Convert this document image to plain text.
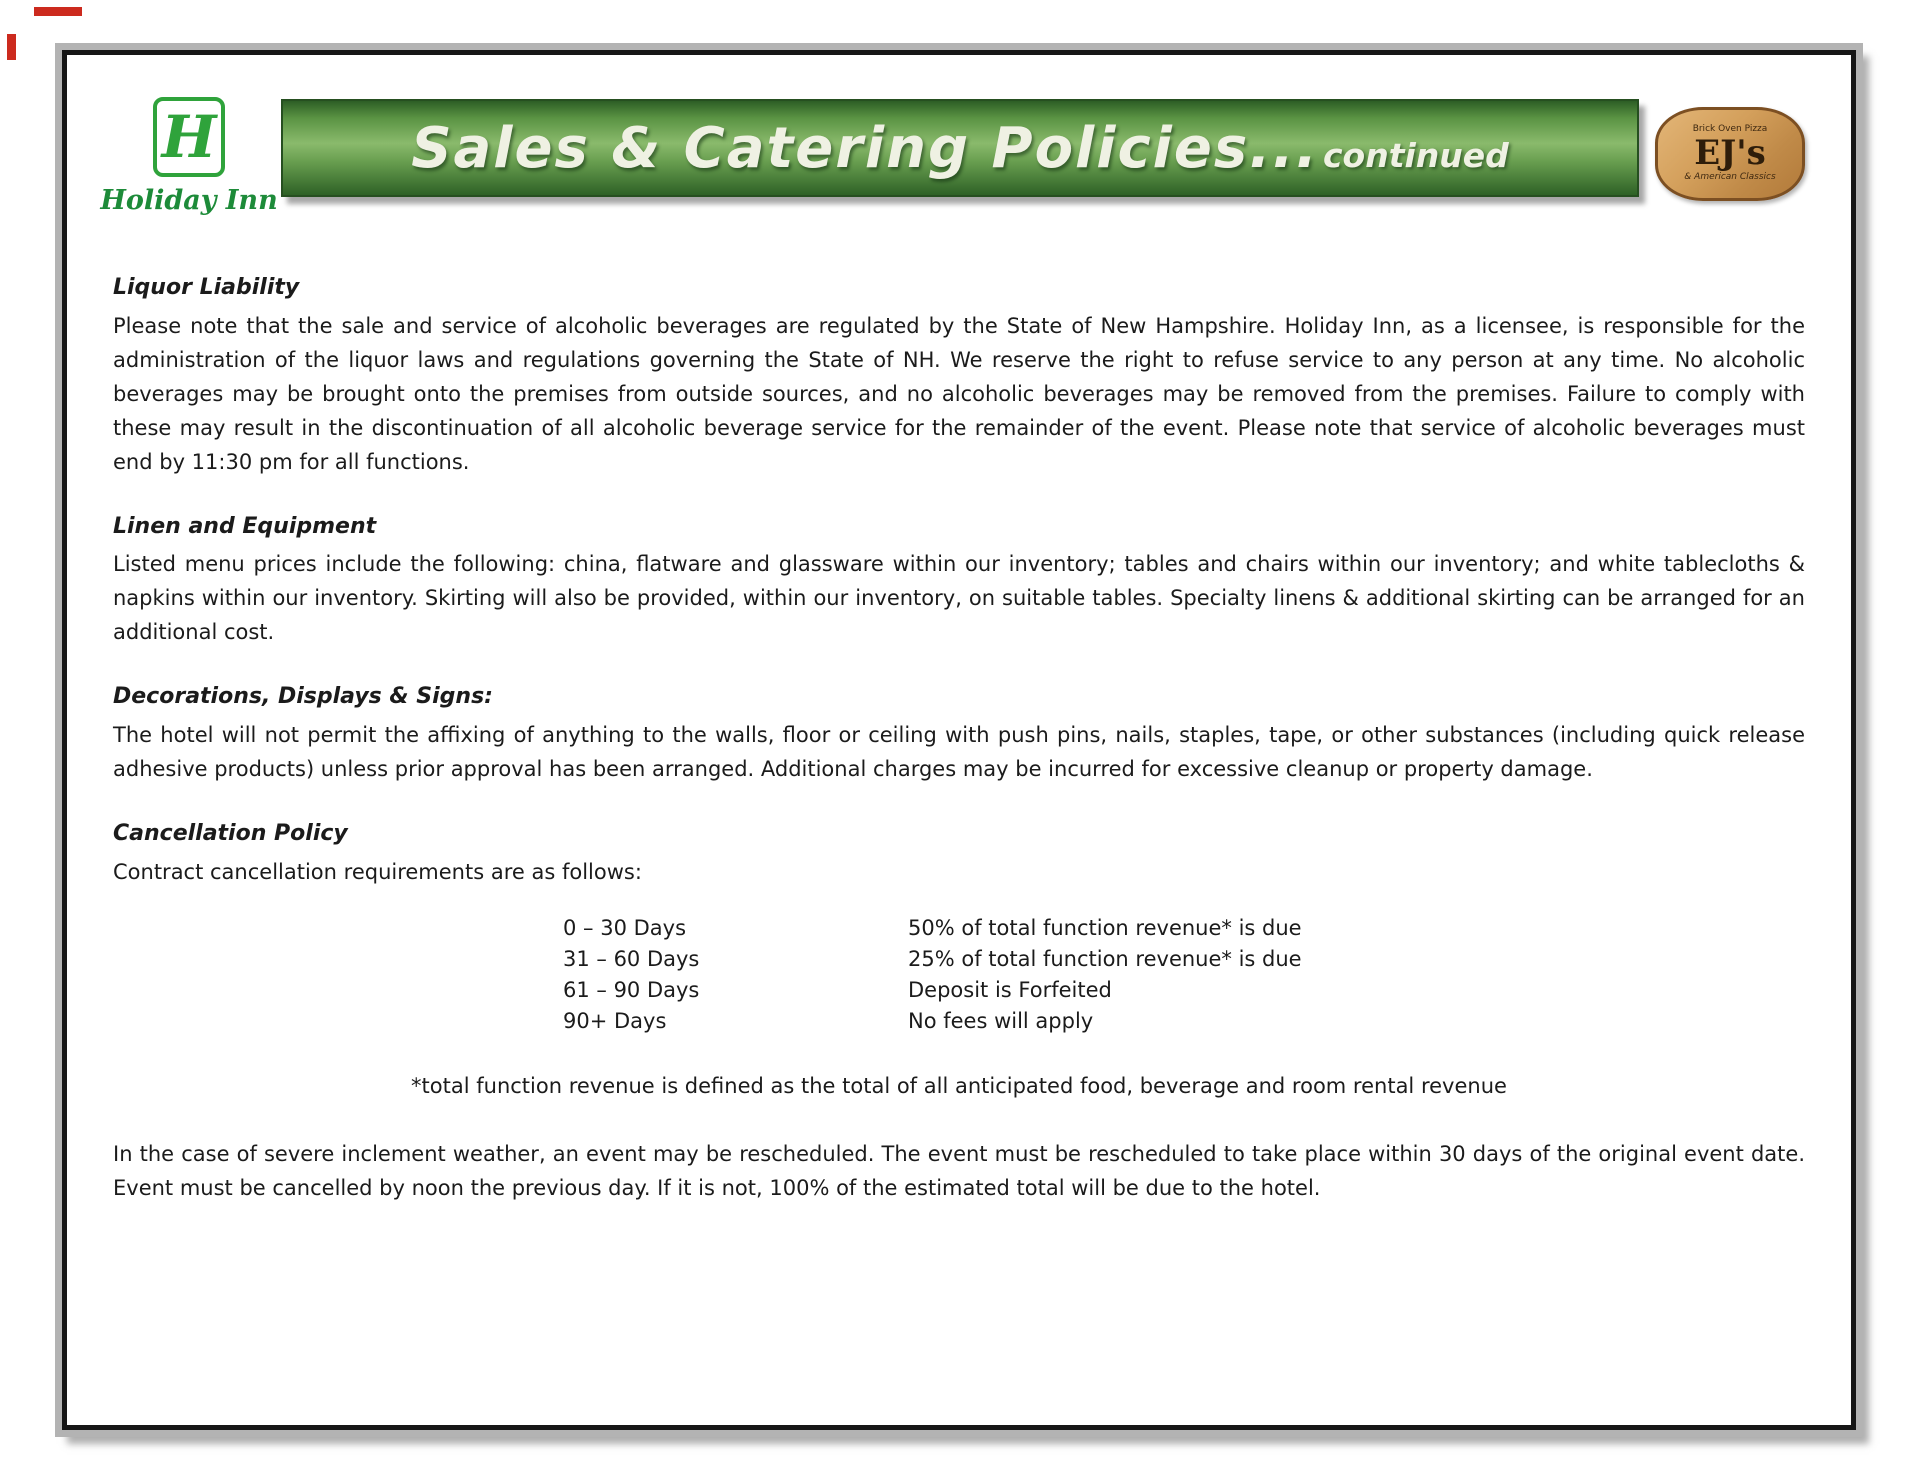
H
Holiday Inn
Sales & Catering Policies... continued
Brick Oven Pizza
EJ's
& American Classics
Liquor Liability

Please note that the sale and service of alcoholic beverages are regulated by the State of New Hampshire. Holiday Inn, as a licensee, is responsible for the administration of the liquor laws and regulations governing the State of NH. We reserve the right to refuse service to any person at any time. No alcoholic beverages may be brought onto the premises from outside sources, and no alcoholic beverages may be removed from the premises. Failure to comply with these may result in the discontinuation of all alcoholic beverage service for the remainder of the event. Please note that service of alcoholic beverages must end by 11:30 pm for all functions.

Linen and Equipment

Listed menu prices include the following: china, flatware and glassware within our inventory; tables and chairs within our inventory; and white tablecloths & napkins within our inventory. Skirting will also be provided, within our inventory, on suitable tables. Specialty linens & additional skirting can be arranged for an additional cost.

Decorations, Displays & Signs:

The hotel will not permit the affixing of anything to the walls, floor or ceiling with push pins, nails, staples, tape, or other substances (including quick release adhesive products) unless prior approval has been arranged. Additional charges may be incurred for excessive cleanup or property damage.

Cancellation Policy

Contract cancellation requirements are as follows:

0 – 30 Days	50% of total function revenue* is due
31 – 60 Days	25% of total function revenue* is due
61 – 90 Days	Deposit is Forfeited
90+ Days	No fees will apply
*total function revenue is defined as the total of all anticipated food, beverage and room rental revenue

In the case of severe inclement weather, an event may be rescheduled. The event must be rescheduled to take place within 30 days of the original event date. Event must be cancelled by noon the previous day. If it is not, 100% of the estimated total will be due to the hotel.
